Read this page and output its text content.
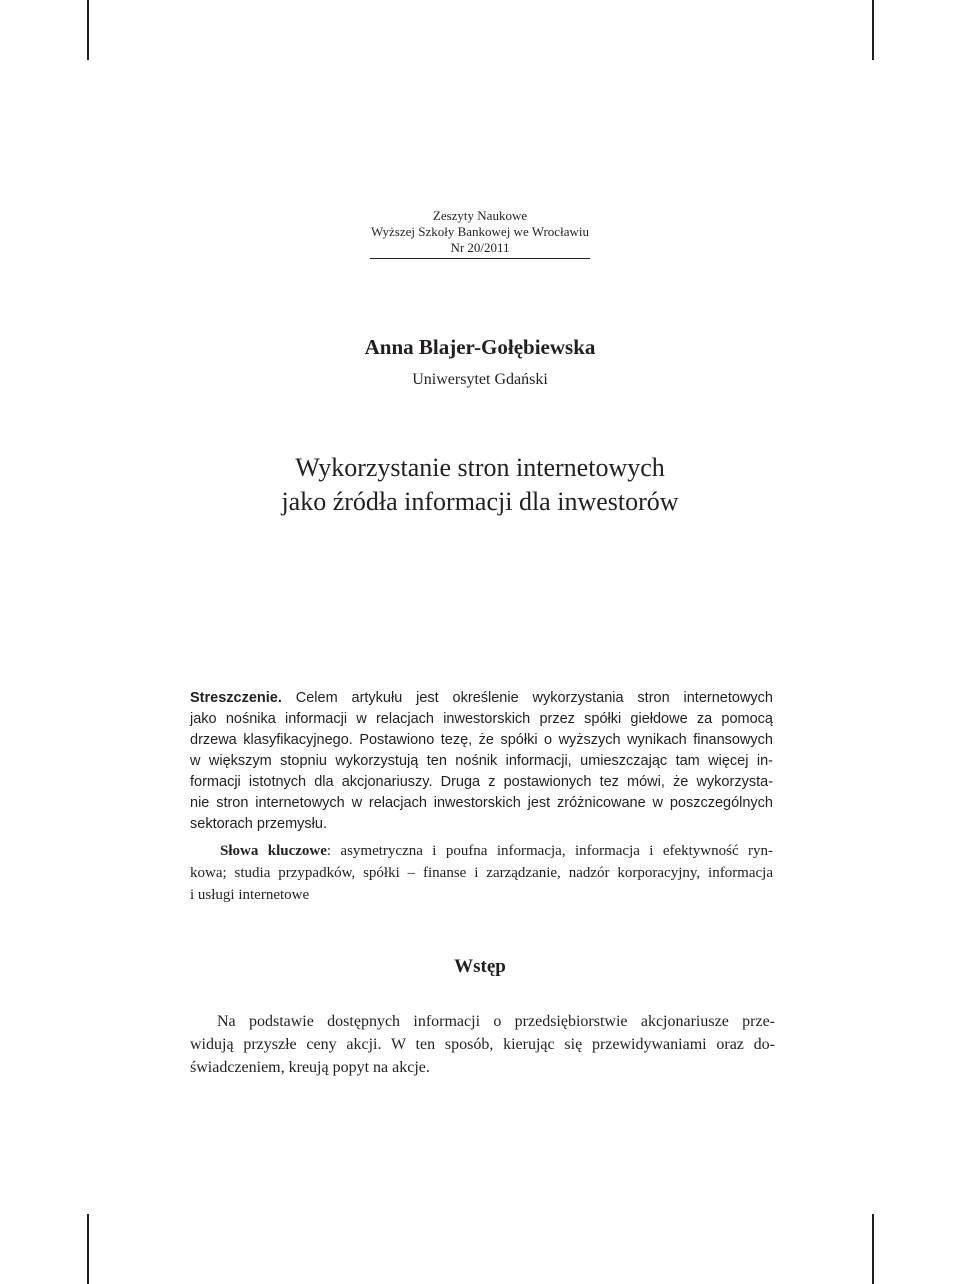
Zeszyty Naukowe
Wyższej Szkoły Bankowej we Wrocławiu
Nr 20/2011
Anna Blajer-Gołębiewska
Uniwersytet Gdański
Wykorzystanie stron internetowych
jako źródła informacji dla inwestorów
Streszczenie. Celem artykułu jest określenie wykorzystania stron internetowych
jako nośnika informacji w relacjach inwestorskich przez spółki giełdowe za pomocą
drzewa klasyfikacyjnego. Postawiono tezę, że spółki o wyższych wynikach finansowych
w większym stopniu wykorzystują ten nośnik informacji, umieszczając tam więcej in-
formacji istotnych dla akcjonariuszy. Druga z postawionych tez mówi, że wykorzysta-
nie stron internetowych w relacjach inwestorskich jest zróżnicowane w poszczególnych
sektorach przemysłu.
Słowa kluczowe: asymetryczna i poufna informacja, informacja i efektywność ryn-
kowa; studia przypadków, spółki – finanse i zarządzanie, nadzór korporacyjny, informacja
i usługi internetowe
Wstęp
Na podstawie dostępnych informacji o przedsiębiorstwie akcjonariusze prze-
widują przyszłe ceny akcji. W ten sposób, kierując się przewidywaniami oraz do-
świadczeniem, kreują popyt na akcje.
